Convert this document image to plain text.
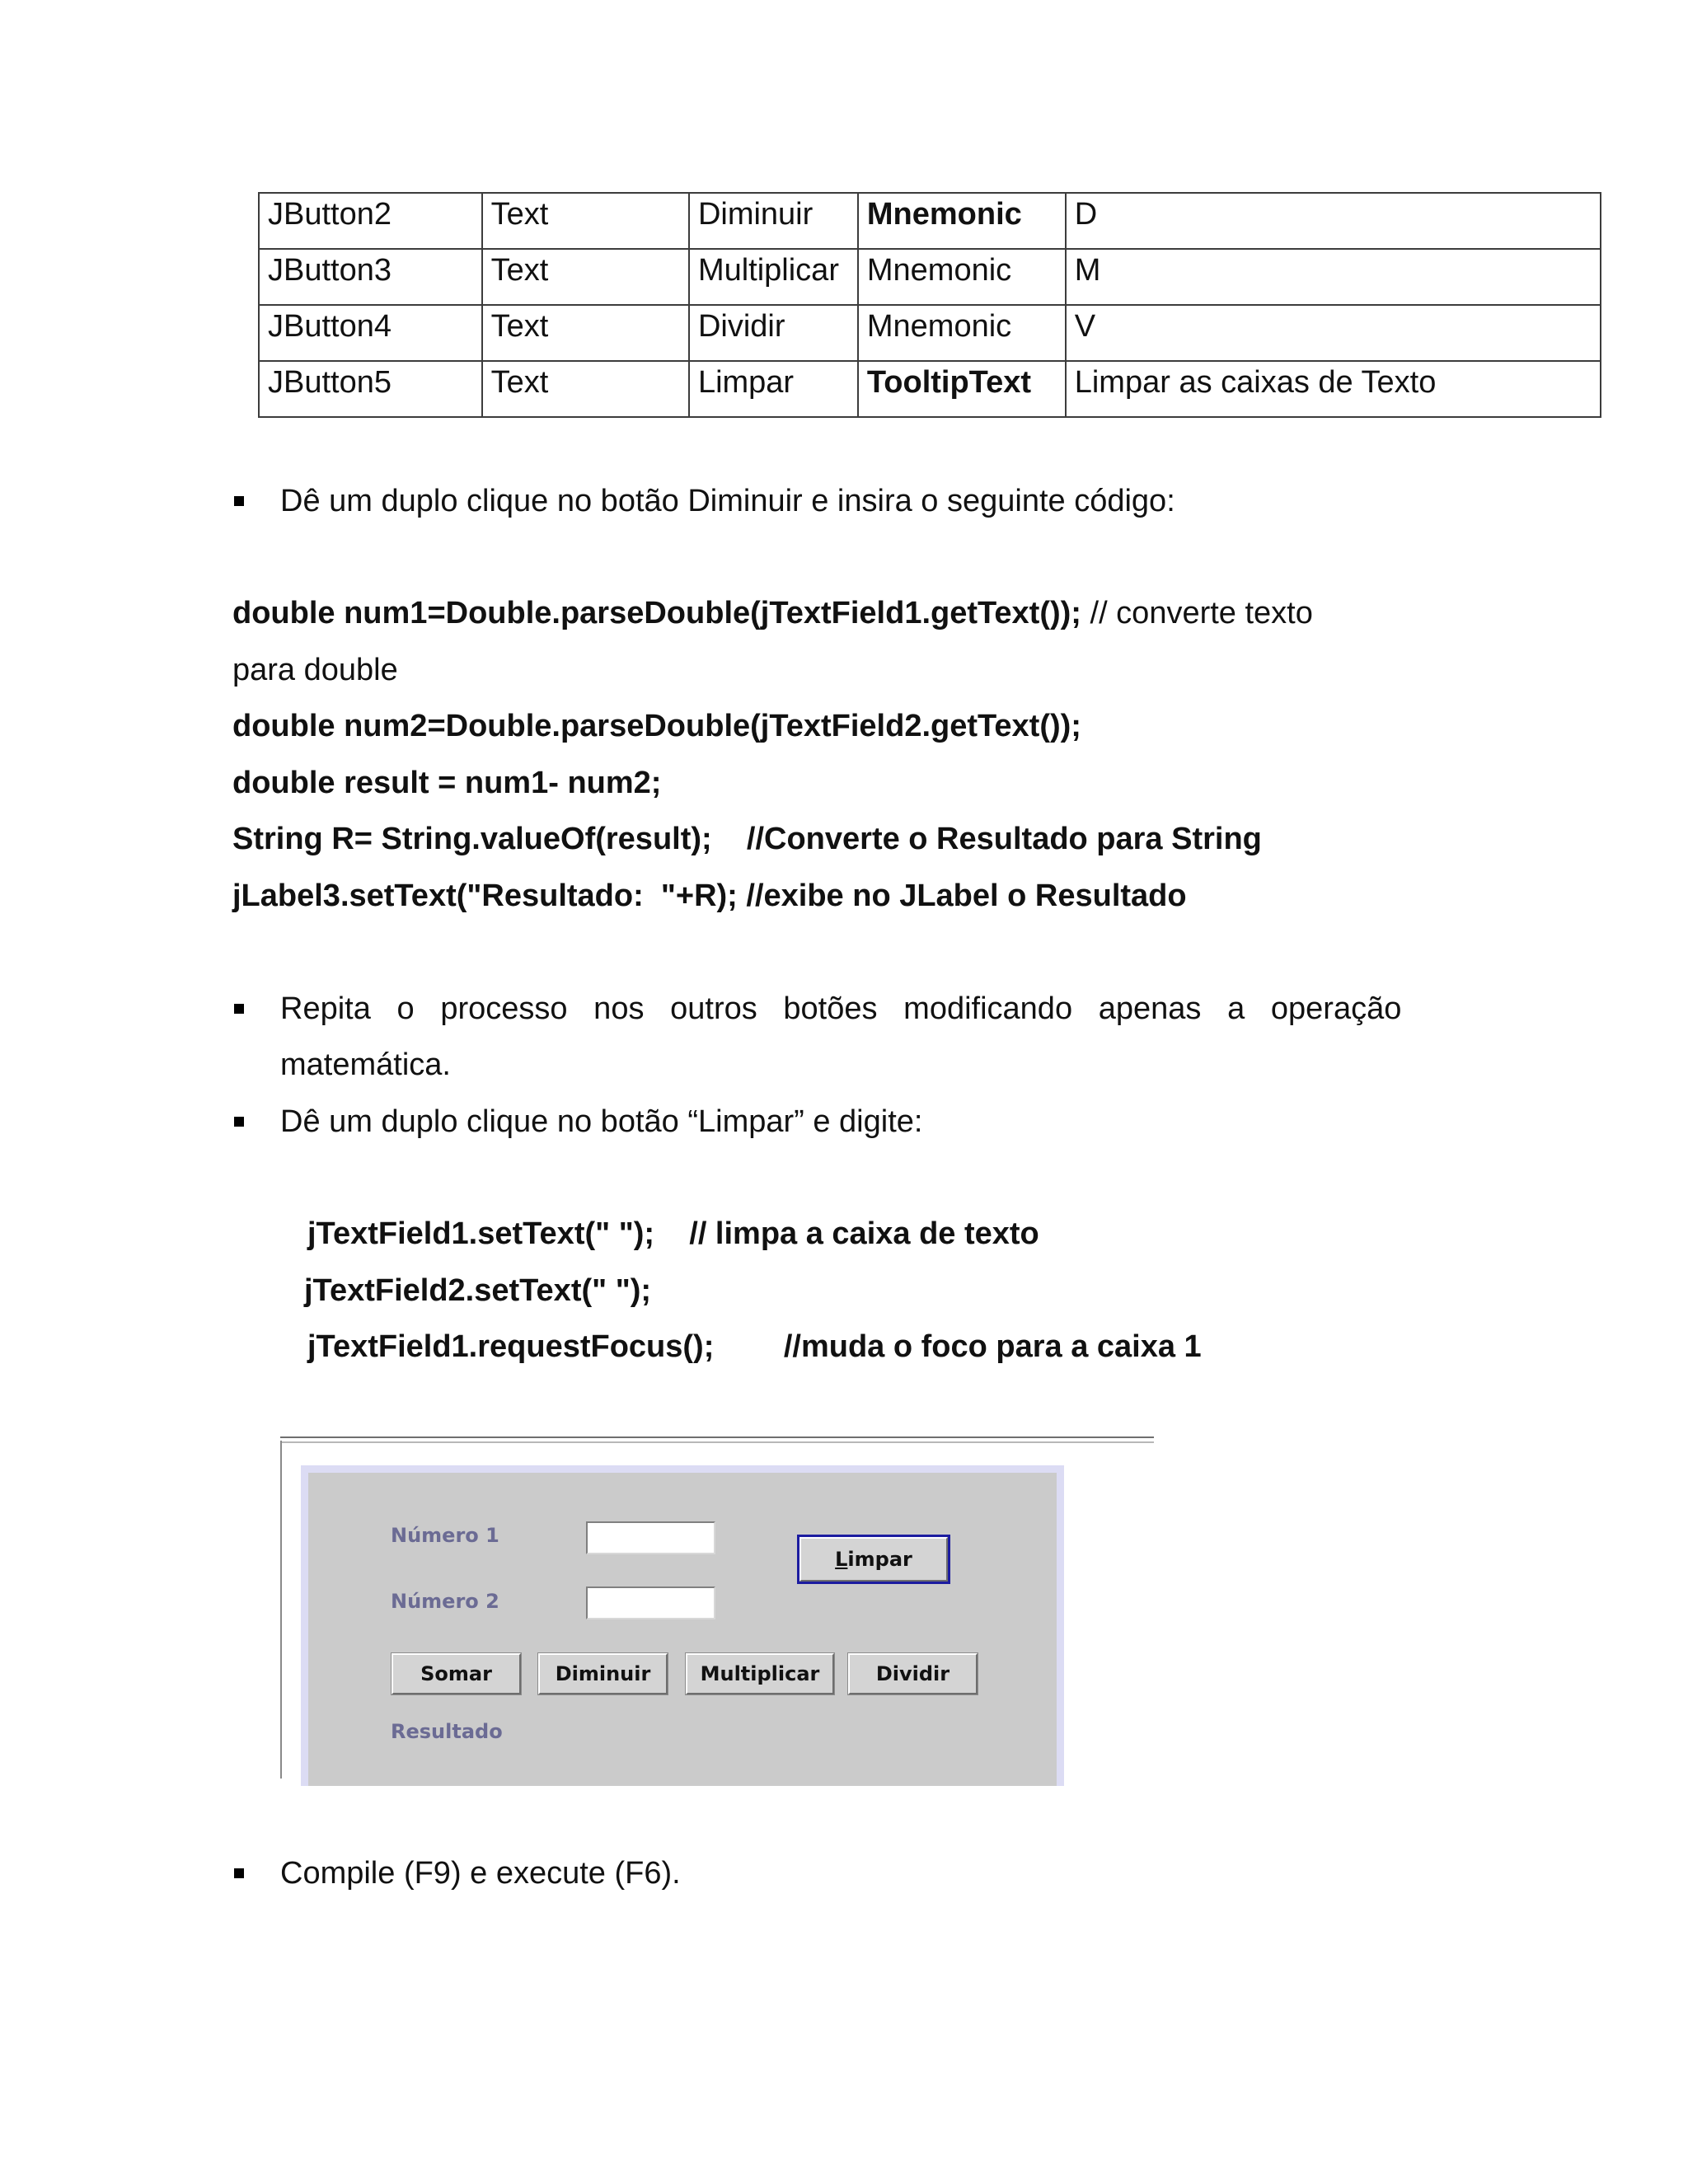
JButton2	Text	Diminuir	Mnemonic	D
JButton3	Text	Multiplicar	Mnemonic	M
JButton4	Text	Dividir	Mnemonic	V
JButton5	Text	Limpar	TooltipText	Limpar as caixas de Texto
Dê um duplo clique no botão Diminuir e insira o seguinte código:
double num1=Double.parseDouble(jTextField1.getText()); // converte texto
para double
double num2=Double.parseDouble(jTextField2.getText());
double result = num1- num2;
String R= String.valueOf(result);    //Converte o Resultado para String
jLabel3.setText("Resultado:  "+R); //exibe no JLabel o Resultado
Repita   o   processo   nos   outros   botões   modificando   apenas   a   operação
matemática.
Dê um duplo clique no botão “Limpar” e digite:
jTextField1.setText(" ");    // limpa a caixa de texto
jTextField2.setText(" ");
jTextField1.requestFocus();        //muda o foco para a caixa 1
Número 1
Número 2
L impar
Somar	Diminuir	Multiplicar	Dividir
Resultado
Compile (F9) e execute (F6).
